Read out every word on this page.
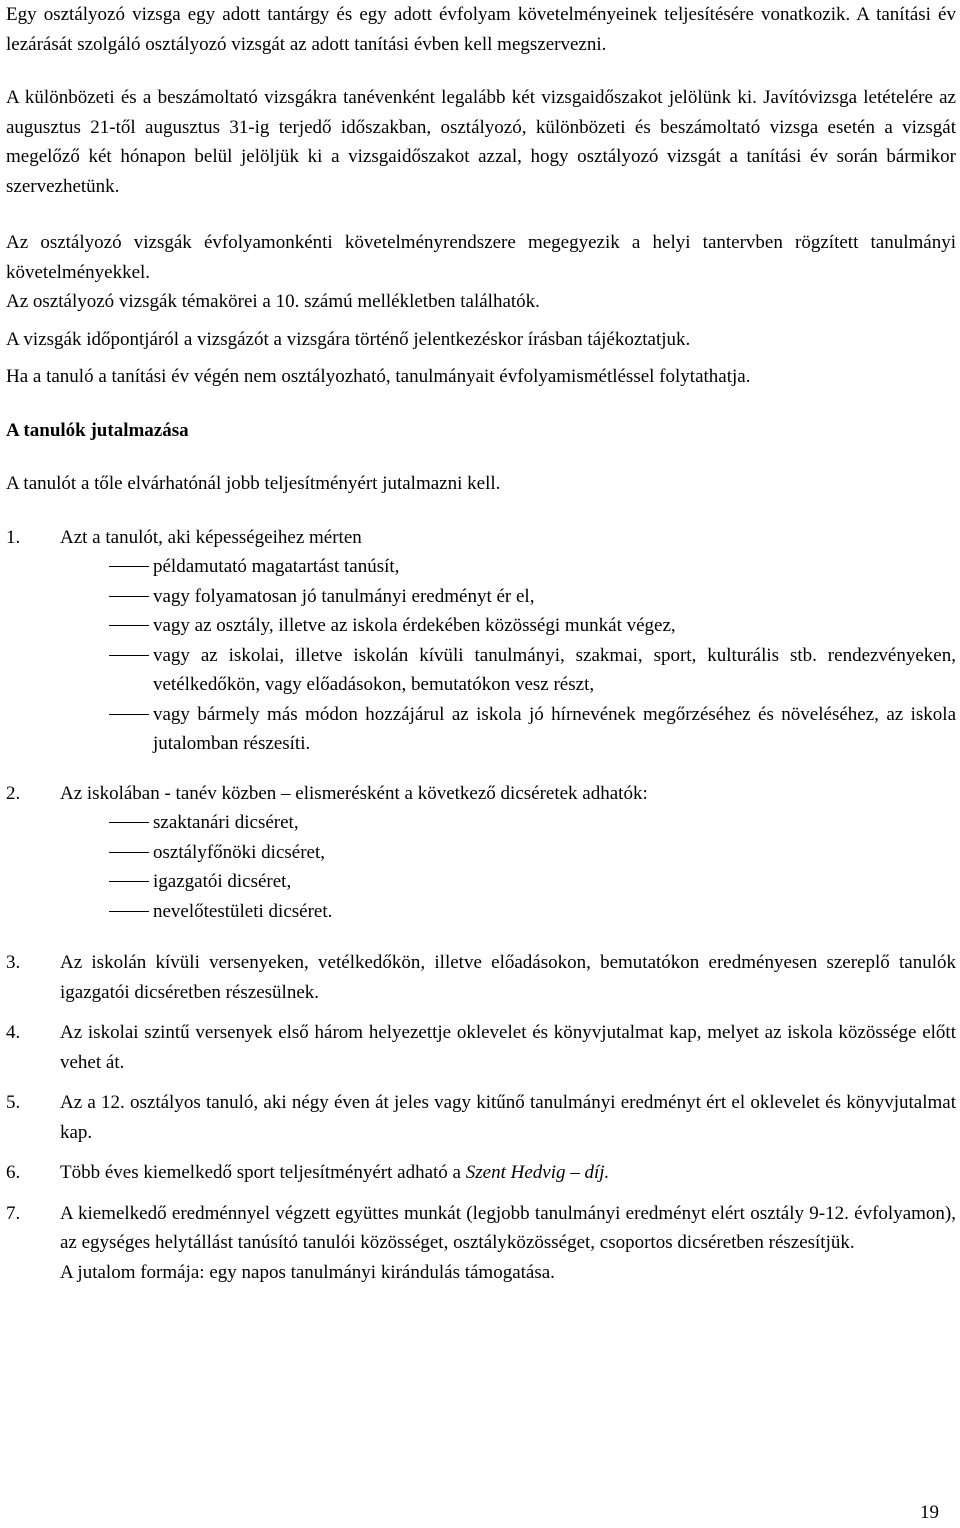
Egy osztályozó vizsga egy adott tantárgy és egy adott évfolyam követelményeinek teljesítésére vonatkozik. A tanítási év lezárását szolgáló osztályozó vizsgát az adott tanítási évben kell megszervezni.

A különbözeti és a beszámoltató vizsgákra tanévenként legalább két vizsgaidőszakot jelölünk ki. Javítóvizsga letételére az augusztus 21-től augusztus 31-ig terjedő időszakban, osztályozó, különbözeti és beszámoltató vizsga esetén a vizsgát megelőző két hónapon belül jelöljük ki a vizsgaidőszakot azzal, hogy osztályozó vizsgát a tanítási év során bármikor szervezhetünk.

Az osztályozó vizsgák évfolyamonkénti követelményrendszere megegyezik a helyi tantervben rögzített tanulmányi követelményekkel.

Az osztályozó vizsgák témakörei a 10. számú mellékletben találhatók.

A vizsgák időpontjáról a vizsgázót a vizsgára történő jelentkezéskor írásban tájékoztatjuk.

Ha a tanuló a tanítási év végén nem osztályozható, tanulmányait évfolyamismétléssel folytathatja.

A tanulók jutalmazása

A tanulót a tőle elvárhatónál jobb teljesítményért jutalmazni kell.

1. Azt a tanulót, aki képességeihez mérten
példamutató magatartást tanúsít,
vagy folyamatosan jó tanulmányi eredményt ér el,
vagy az osztály, illetve az iskola érdekében közösségi munkát végez,
vagy az iskolai, illetve iskolán kívüli tanulmányi, szakmai, sport, kulturális stb. rendezvényeken, vetélkedőkön, vagy előadásokon, bemutatókon vesz részt,
vagy bármely más módon hozzájárul az iskola jó hírnevének megőrzéséhez és növeléséhez, az iskola jutalomban részesíti.
2. Az iskolában - tanév közben – elismerésként a következő dicséretek adhatók:
szaktanári dicséret,
osztályfőnöki dicséret,
igazgatói dicséret,
nevelőtestületi dicséret.
3. Az iskolán kívüli versenyeken, vetélkedőkön, illetve előadásokon, bemutatókon eredményesen szereplő tanulók igazgatói dicséretben részesülnek.
4. Az iskolai szintű versenyek első három helyezettje oklevelet és könyvjutalmat kap, melyet az iskola közössége előtt vehet át.
5. Az a 12. osztályos tanuló, aki négy éven át jeles vagy kitűnő tanulmányi eredményt ért el oklevelet és könyvjutalmat kap.
6. Több éves kiemelkedő sport teljesítményért adható a Szent Hedvig – díj.
7. A kiemelkedő eredménnyel végzett együttes munkát (legjobb tanulmányi eredményt elért osztály 9-12. évfolyamon), az egységes helytállást tanúsító tanulói közösséget, osztályközösséget, csoportos dicséretben részesítjük.
A jutalom formája: egy napos tanulmányi kirándulás támogatása.
19
